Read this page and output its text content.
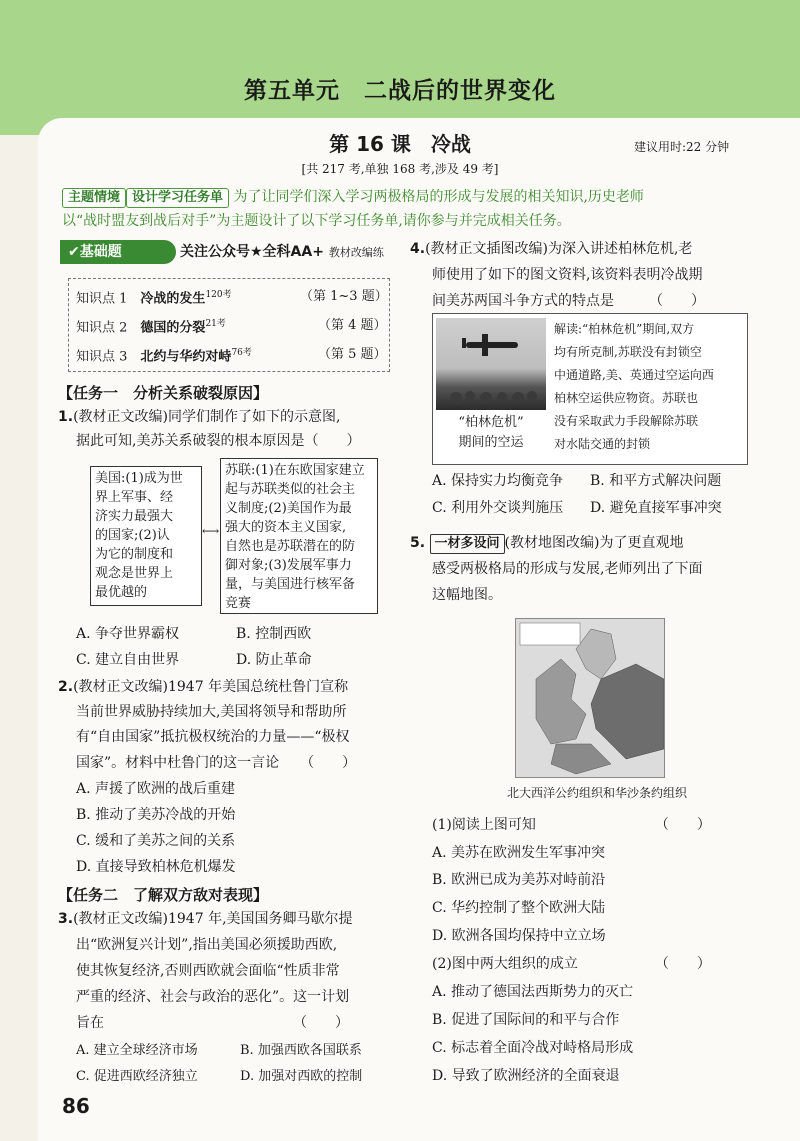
第五单元　二战后的世界变化
第 16 课　冷战	建议用时:22 分钟
[共 217 考,单独 168 考,涉及 49 考]
主题情境 设计学习任务单 为了让同学们深入学习两极格局的形成与发展的相关知识,历史老师
以“战时盟友到战后对手”为主题设计了以下学习任务单,请你参与并完成相关任务。
✔基础题	关注公众号★全科AA+ 教材改编练
知识点 1　 冷战的发生$^{120考}$	（第 1~3 题）
知识点 2　 德国的分裂$^{21考}$	（第 4 题）
知识点 3　 北约与华约对峙$^{76考}$	（第 5 题）
【任务一　分析关系破裂原因】
1.(教材正文改编)同学们制作了如下的示意图,
据此可知,美苏关系破裂的根本原因是（　　）
美国:(1)成为世
界上军事、经
济实力最强大
的国家;(2)认
为它的制度和
观念是世界上
最优越的
⟷
苏联:(1)在东欧国家建立
起与苏联类似的社会主
义制度;(2)美国作为最
强大的资本主义国家,
自然也是苏联潜在的防
御对象;(3)发展军事力
量，与美国进行核军备
竞赛
A. 争夺世界霸权	B. 控制西欧
C. 建立自由世界	D. 防止革命
2.(教材正文改编)1947 年美国总统杜鲁门宣称
当前世界威胁持续加大,美国将领导和帮助所
有“自由国家”抵抗极权统治的力量——“极权
国家”。材料中杜鲁门的这一言论　　（　　）
A. 声援了欧洲的战后重建
B. 推动了美苏冷战的开始
C. 缓和了美苏之间的关系
D. 直接导致柏林危机爆发
【任务二　了解双方敌对表现】
3.(教材正文改编)1947 年,美国国务卿马歇尔提
出“欧洲复兴计划”,指出美国必须援助西欧,
使其恢复经济,否则西欧就会面临“性质非常
严重的经济、社会与政治的恶化”。这一计划
旨在　　　　　　　　　　　　　　（　　）
A. 建立全球经济市场	B. 加强西欧各国联系
C. 促进西欧经济独立	D. 加强对西欧的控制
86
4.(教材正文插图改编)为深入讲述柏林危机,老
师使用了如下的图文资料,该资料表明冷战期
间美苏两国斗争方式的特点是　　　（　　）
“柏林危机”
期间的空运
解读:“柏林危机”期间,双方
均有所克制,苏联没有封锁空
中通道路,美、英通过空运向西
柏林空运供应物资。苏联也
没有采取武力手段解除苏联
对水陆交通的封锁
A. 保持实力均衡竞争 B. 和平方式解决问题
C. 利用外交谈判施压 D. 避免直接军事冲突
5. 一材多设问 (教材地图改编)为了更直观地
感受两极格局的形成与发展,老师列出了下面
这幅地图。
北大西洋公约组织和华沙条约组织
(1)阅读上图可知　　　　　　　　　（　　）
A. 美苏在欧洲发生军事冲突
B. 欧洲已成为美苏对峙前沿
C. 华约控制了整个欧洲大陆
D. 欧洲各国均保持中立立场
(2)图中两大组织的成立　　　　　　（　　）
A. 推动了德国法西斯势力的灭亡
B. 促进了国际间的和平与合作
C. 标志着全面冷战对峙格局形成
D. 导致了欧洲经济的全面衰退
